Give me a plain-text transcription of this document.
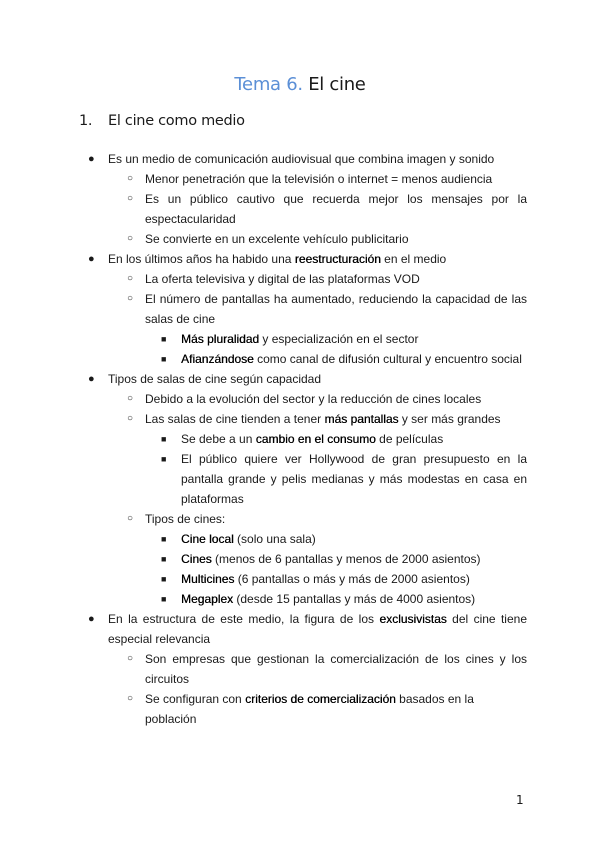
Tema 6. El cine
1. El cine como medio
● Es un medio de comunicación audiovisual que combina imagen y sonido
○ Menor penetración que la televisión o internet = menos audiencia
○ Es un público cautivo que recuerda mejor los mensajes por la espectacularidad
○ Se convierte en un excelente vehículo publicitario
● En los últimos años ha habido una reestructuración en el medio
○ La oferta televisiva y digital de las plataformas VOD
○ El número de pantallas ha aumentado, reduciendo la capacidad de las salas de cine
■ Más pluralidad y especialización en el sector
■ Afianzándose como canal de difusión cultural y encuentro social
● Tipos de salas de cine según capacidad
○ Debido a la evolución del sector y la reducción de cines locales
○ Las salas de cine tienden a tener más pantallas y ser más grandes
■ Se debe a un cambio en el consumo de películas
■ El público quiere ver Hollywood de gran presupuesto en la pantalla grande y pelis medianas y más modestas en casa en plataformas
○ Tipos de cines:
■ Cine local (solo una sala)
■ Cines (menos de 6 pantallas y menos de 2000 asientos)
■ Multicines (6 pantallas o más y más de 2000 asientos)
■ Megaplex (desde 15 pantallas y más de 4000 asientos)
● En la estructura de este medio, la figura de los exclusivistas del cine tiene especial relevancia
○ Son empresas que gestionan la comercialización de los cines y los circuitos
○ Se configuran con criterios de comercialización basados en la población
1
